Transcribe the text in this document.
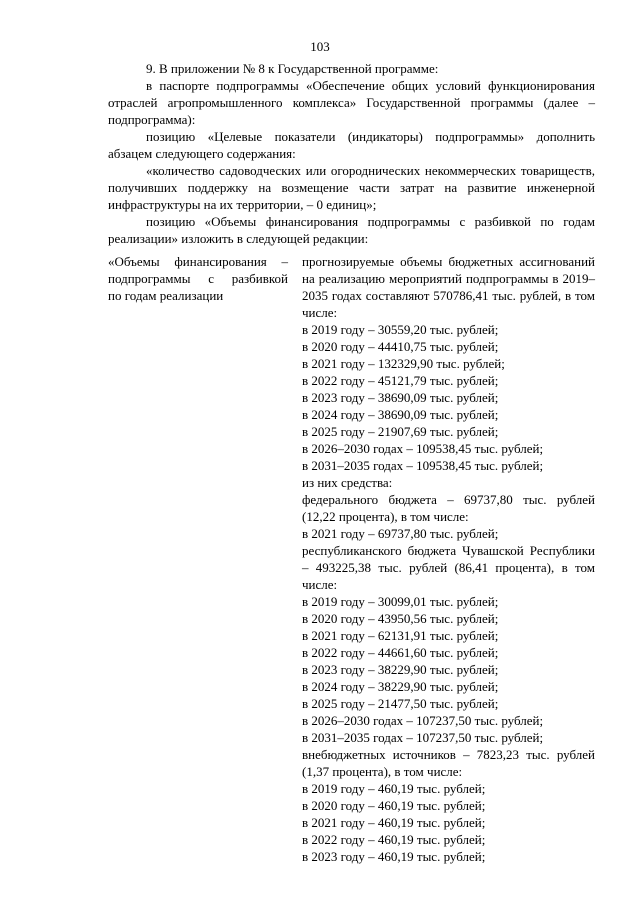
103

9. В приложении № 8 к Государственной программе:

в паспорте подпрограммы «Обеспечение общих условий функционирования отраслей агропромышленного комплекса» Государственной программы (далее – подпрограмма):

позицию «Целевые показатели (индикаторы) подпрограммы» дополнить абзацем следующего содержания:

«количество садоводческих или огороднических некоммерческих товариществ, получивших поддержку на возмещение части затрат на развитие инженерной инфраструктуры на их территории, – 0 единиц»;

позицию «Объемы финансирования подпрограммы с разбивкой по годам реализации» изложить в следующей редакции:

«Объемы финансирования –
подпрограммы с разбивкой
по годам реализации

прогнозируемые объемы бюджетных ассигнований на реализацию мероприятий подпрограммы в 2019–2035 годах составляют 570786,41 тыс. рублей, в том числе:

в 2019 году – 30559,20 тыс. рублей;
в 2020 году – 44410,75 тыс. рублей;
в 2021 году – 132329,90 тыс. рублей;
в 2022 году – 45121,79 тыс. рублей;
в 2023 году – 38690,09 тыс. рублей;
в 2024 году – 38690,09 тыс. рублей;
в 2025 году – 21907,69 тыс. рублей;
в 2026–2030 годах – 109538,45 тыс. рублей;
в 2031–2035 годах – 109538,45 тыс. рублей;
из них средства:

федерального бюджета – 69737,80 тыс. рублей (12,22 процента), в том числе:

в 2021 году – 69737,80 тыс. рублей;

республиканского бюджета Чувашской Республики – 493225,38 тыс. рублей (86,41 процента), в том числе:

в 2019 году – 30099,01 тыс. рублей;
в 2020 году – 43950,56 тыс. рублей;
в 2021 году – 62131,91 тыс. рублей;
в 2022 году – 44661,60 тыс. рублей;
в 2023 году – 38229,90 тыс. рублей;
в 2024 году – 38229,90 тыс. рублей;
в 2025 году – 21477,50 тыс. рублей;
в 2026–2030 годах – 107237,50 тыс. рублей;
в 2031–2035 годах – 107237,50 тыс. рублей;

внебюджетных источников – 7823,23 тыс. рублей (1,37 процента), в том числе:

в 2019 году – 460,19 тыс. рублей;
в 2020 году – 460,19 тыс. рублей;
в 2021 году – 460,19 тыс. рублей;
в 2022 году – 460,19 тыс. рублей;
в 2023 году – 460,19 тыс. рублей;
